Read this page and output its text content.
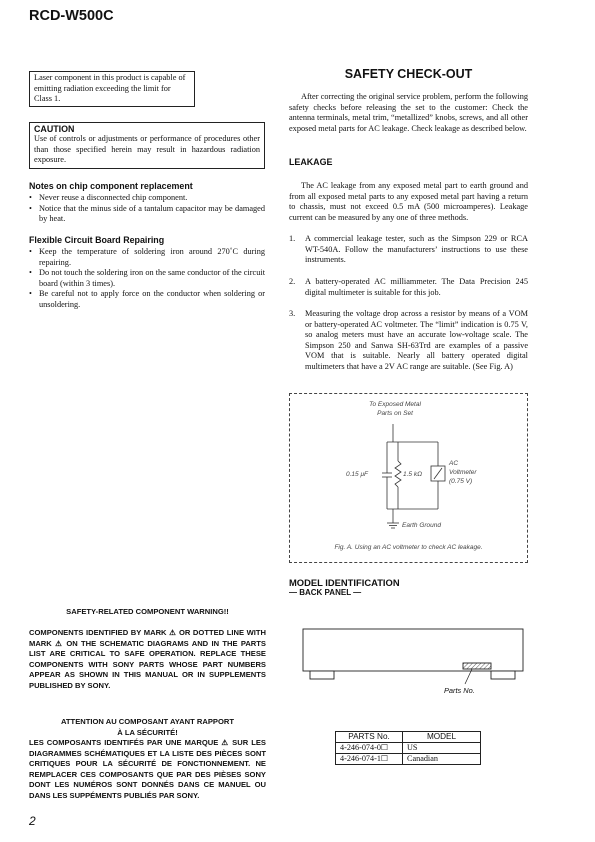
RCD-W500C
Laser component in this product is capable of emitting radiation exceeding the limit for Class 1.
CAUTION
Use of controls or adjustments or performance of procedures other than those specified herein may result in hazardous radiation exposure.
Notes on chip component replacement
• Never reuse a disconnected chip component.
• Notice that the minus side of a tantalum capacitor may be damaged by heat.
Flexible Circuit Board Repairing
• Keep the temperature of soldering iron around 270˚C during repairing.
• Do not touch the soldering iron on the same conductor of the circuit board (within 3 times).
• Be careful not to apply force on the conductor when soldering or unsoldering.
SAFETY-RELATED COMPONENT WARNING!!
COMPONENTS IDENTIFIED BY MARK ⚠ OR DOTTED LINE WITH MARK ⚠ ON THE SCHEMATIC DIAGRAMS AND IN THE PARTS LIST ARE CRITICAL TO SAFE OPERATION. REPLACE THESE COMPONENTS WITH SONY PARTS WHOSE PART NUMBERS APPEAR AS SHOWN IN THIS MANUAL OR IN SUPPLEMENTS PUBLISHED BY SONY.
ATTENTION AU COMPOSANT AYANT RAPPORT
À LA SÉCURITÉ!
LES COMPOSANTS IDENTIFÉS PAR UNE MARQUE ⚠ SUR LES DIAGRAMMES SCHÉMATIQUES ET LA LISTE DES PIÈCES SONT CRITIQUES POUR LA SÉCURITÉ DE FONCTIONNEMENT. NE REMPLACER CES COMPOSANTS QUE PAR DES PIÈSES SONY DONT LES NUMÉROS SONT DONNÉS DANS CE MANUEL OU DANS LES SUPPÉMENTS PUBLIÉS PAR SONY.
2
SAFETY CHECK-OUT

After correcting the original service problem, perform the following safety checks before releasing the set to the customer: Check the antenna terminals, metal trim, “metallized” knobs, screws, and all other exposed metal parts for AC leakage. Check leakage as described below.

LEAKAGE

The AC leakage from any exposed metal part to earth ground and from all exposed metal parts to any exposed metal part having a return to chassis, must not exceed 0.5 mA (500 microamperes). Leakage current can be measured by any one of three methods.

1. A commercial leakage tester, such as the Simpson 229 or RCA WT-540A. Follow the manufacturers’ instructions to use these instruments.

2. A battery-operated AC milliammeter. The Data Precision 245 digital multimeter is suitable for this job.

3. Measuring the voltage drop across a resistor by means of a VOM or battery-operated AC voltmeter. The “limit” indication is 0.75 V, so analog meters must have an accurate low-voltage scale. The Simpson 250 and Sanwa SH-63Trd are examples of a passive VOM that is suitable. Nearly all battery operated digital multimeters that have a 2V AC range are suitable. (See Fig. A)

To Exposed Metal
Parts on Set
0.15 μF	1.5 kΩ
AC
Voltmeter
(0.75 V)
Earth Ground
Fig. A. Using an AC voltmeter to check AC leakage.
MODEL IDENTIFICATION
— BACK PANEL —
Parts No.
PARTS No.	MODEL
4-246-074-0☐	US
4-246-074-1☐	Canadian
